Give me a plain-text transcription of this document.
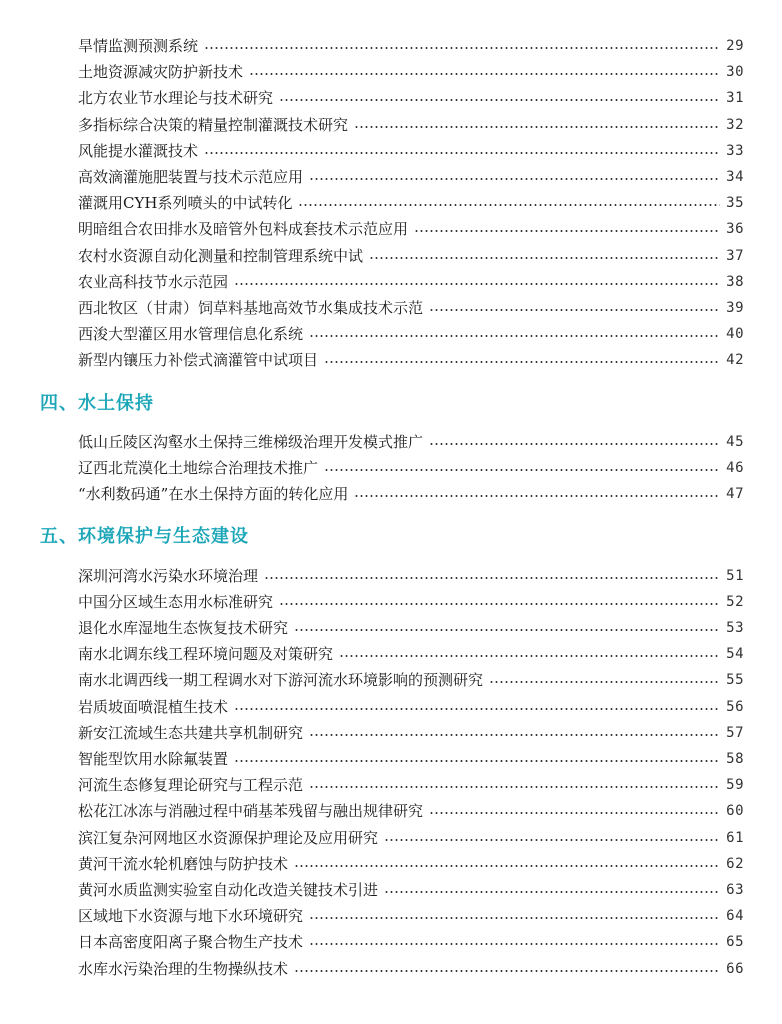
旱情监测预测系统	29
土地资源减灾防护新技术	30
北方农业节水理论与技术研究	31
多指标综合决策的精量控制灌溉技术研究	32
风能提水灌溉技术	33
高效滴灌施肥装置与技术示范应用	34
灌溉用CYH系列喷头的中试转化	35
明暗组合农田排水及暗管外包料成套技术示范应用	36
农村水资源自动化测量和控制管理系统中试	37
农业高科技节水示范园	38
西北牧区（甘肃）饲草料基地高效节水集成技术示范	39
西浚大型灌区用水管理信息化系统	40
新型内镶压力补偿式滴灌管中试项目	42
四、水土保持
低山丘陵区沟壑水土保持三维梯级治理开发模式推广	45
辽西北荒漠化土地综合治理技术推广	46
“水利数码通”在水土保持方面的转化应用	47
五、环境保护与生态建设
深圳河湾水污染水环境治理	51
中国分区域生态用水标准研究	52
退化水库湿地生态恢复技术研究	53
南水北调东线工程环境问题及对策研究	54
南水北调西线一期工程调水对下游河流水环境影响的预测研究	55
岩质坡面喷混植生技术	56
新安江流域生态共建共享机制研究	57
智能型饮用水除氟装置	58
河流生态修复理论研究与工程示范	59
松花江冰冻与消融过程中硝基苯残留与融出规律研究	60
滨江复杂河网地区水资源保护理论及应用研究	61
黄河干流水轮机磨蚀与防护技术	62
黄河水质监测实验室自动化改造关键技术引进	63
区域地下水资源与地下水环境研究	64
日本高密度阳离子聚合物生产技术	65
水库水污染治理的生物操纵技术	66
